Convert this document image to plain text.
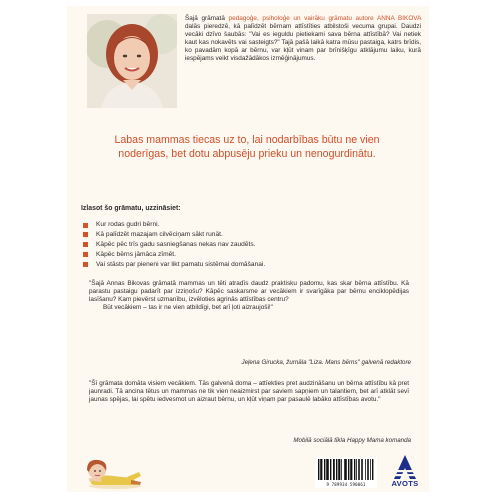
Šajā grāmatā pedagoģe, psiholoģe un vairāku grāmatu autore ANNA BIKOVA dalās pieredzē, kā palīdzēt bērnam attīstīties atbilstoši vecuma grupai. Daudzi vecāki dzīvo šaubās: "Vai es ieguldu pietiekami sava bērna attīstībā? Vai netiek kaut kas nokavēts vai sasteigts?" Tajā pašā laikā katra mūsu pastaiga, katrs brīdis, ko pavadām kopā ar bērnu, var kļūt vinam par brīnišķīgu atklājumu laiku, kurā iespējams veikt visdažādākos izmēģinājumus.
Labas mammas tiecas uz to, lai nodarbības būtu ne vien noderīgas, bet dotu abpusēju prieku un nenogurdinātu.
Izlasot šo grāmatu, uzzināsiet:
Kur rodas gudri bērni.
Kā palīdzēt mazajam cilvēciņam sākt runāt.
Kāpēc pēc trīs gadu sasniegšanas nekas nav zaudēts.
Kāpēc bērns jāmāca zīmēt.
Vai stāsts par pieneni var likt pamatu sistēmai domāšanai.
"Šajā Annas Bikovas grāmatā mammas un tēti atradīs daudz praktisku padomu, kas skar bērna attīstību. Kā parastu pastaigu padarīt par izziņošu? Kāpēc saskarsme ar vecākiem ir svarīgāka par bērnu enciklopēdijas lasīšanu? Kam pievērst uzmanību, izvēloties agrinās attīstības centru?
Būt vecākiem – tas ir ne vien atbildīgi, bet arī ļoti aizraujoši!"
Jeļena Girucka, žurnāla "Liza. Mans bērns" galvenā redaktore
"Šī grāmata domāta visiem vecākiem. Tās galvenā doma – attīekties pret audzināšanu un bērna attīstību kā pret jaunradi. Tā ancina tētus un mammas ne tik vien neaizmirst par saviem sapņiem un talantiem, bet arī atklāt sevī jaunas spējas, lai spētu iedvesmot un aizraut bērnu, un kļūt viņam par pasaulē labāko attīstības avotu."
Mobilā sociālā tīkla Happy Mama komanda
9 789934 590061	AVOTS
